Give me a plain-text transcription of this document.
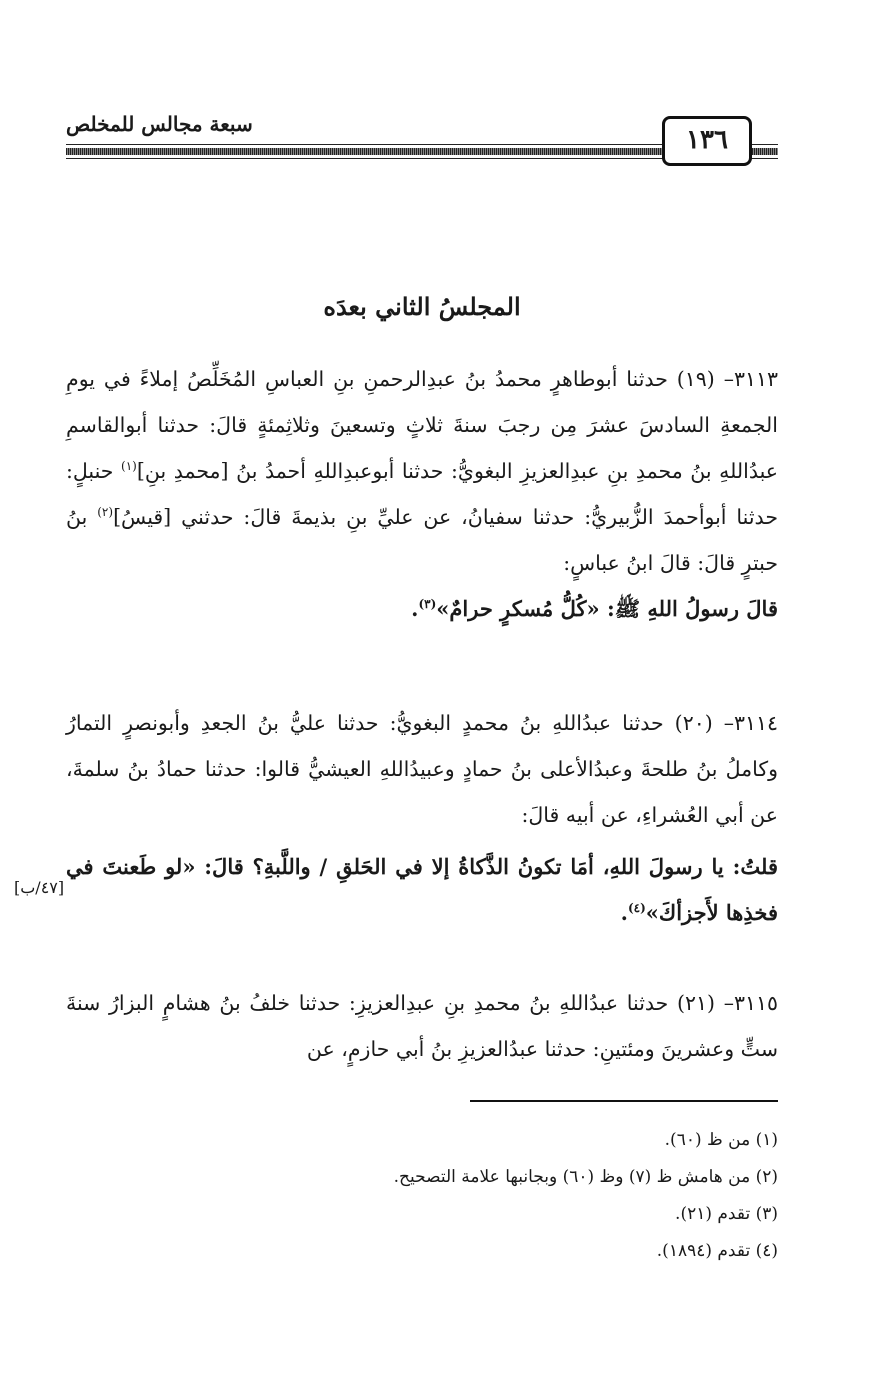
سبعة مجالس للمخلص
١٣٦
المجلسُ الثاني بعدَه

٣١١٣– (١٩) حدثنا أبوطاهرٍ محمدُ بنُ عبدِالرحمنِ بنِ العباسِ المُخَلِّصُ إملاءً في يومِ الجمعةِ السادسَ عشرَ مِن رجبَ سنةَ ثلاثٍ وتسعينَ وثلاثِمئةٍ قالَ: حدثنا أبوالقاسمِ عبدُاللهِ بنُ محمدِ بنِ عبدِالعزيزِ البغويُّ: حدثنا أبوعبدِاللهِ أحمدُ بنُ [محمدِ بنِ]$^{(١)}$ حنبلٍ: حدثنا أبوأحمدَ الزُّبيريُّ: حدثنا سفيانُ، عن عليِّ بنِ بذيمةَ قالَ: حدثني [قيسُ]$^{(٢)}$ بنُ حبترٍ قالَ: قالَ ابنُ عباسٍ:

قالَ رسولُ اللهِ ﷺ: «كُلُّ مُسكرٍ حرامٌ»$^{(٣)}$.

٣١١٤– (٢٠) حدثنا عبدُاللهِ بنُ محمدٍ البغويُّ: حدثنا عليُّ بنُ الجعدِ وأبونصرٍ التمارُ وكاملُ بنُ طلحةَ وعبدُالأعلى بنُ حمادٍ وعبيدُاللهِ العيشيُّ قالوا: حدثنا حمادُ بنُ سلمةَ، عن أبي العُشراءِ، عن أبيه قالَ:

قلتُ: يا رسولَ اللهِ، أمَا تكونُ الذَّكاةُ إلا في الحَلقِ / واللَّبةِ؟ قالَ: «لو طَعنتَ في فخذِها لأَجزأكَ»$^{(٤)}$.

[٤٧/ب]

٣١١٥– (٢١) حدثنا عبدُاللهِ بنُ محمدِ بنِ عبدِالعزيزِ: حدثنا خلفُ بنُ هشامٍ البزارُ سنةَ ستٍّ وعشرينَ ومئتينِ: حدثنا عبدُالعزيزِ بنُ أبي حازمٍ، عن

(١) من ظ (٦٠).
(٢) من هامش ظ (٧) وظ (٦٠) وبجانبها علامة التصحيح.
(٣) تقدم (٢١).
(٤) تقدم (١٨٩٤).
